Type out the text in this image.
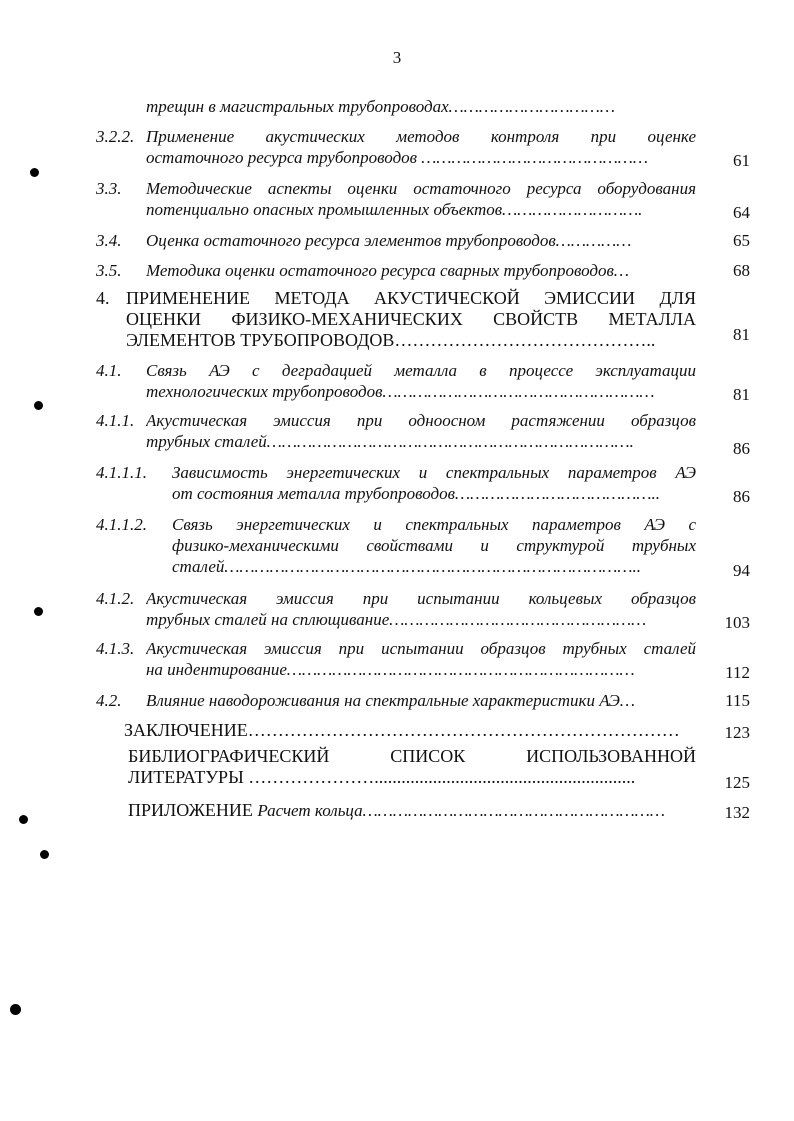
3
трещин в магистральных трубопроводах……………………………
3.2.2. Применение акустических методов контроля при оценке
остаточного ресурса трубопроводов ………………………………………	61
3.3. Методические аспекты оценки остаточного ресурса оборудования
потенциально опасных промышленных объектов……………………….	64
3.4. Оценка остаточного ресурса элементов трубопроводов……………	65
3.5. Методика оценки остаточного ресурса сварных трубопроводов…	68
4. ПРИМЕНЕНИЕ МЕТОДА АКУСТИЧЕСКОЙ ЭМИССИИ ДЛЯ
ОЦЕНКИ ФИЗИКО-МЕХАНИЧЕСКИХ СВОЙСТВ МЕТАЛЛА
ЭЛЕМЕНТОВ ТРУБОПРОВОДОВ……………………………………..	81
4.1. Связь АЭ с деградацией металла в процессе эксплуатации
технологических трубопроводов………………………………………………	81
4.1.1. Акустическая эмиссия при одноосном растяжении образцов
трубных сталей……………………………………………………………….	86
4.1.1.1. Зависимость энергетических и спектральных параметров АЭ
от состояния металла трубопроводов…………………………………..	86
4.1.1.2. Связь энергетических и спектральных параметров АЭ с
физико-механическими свойствами и структурой трубных
сталей………………………………………………………………………..	94
4.1.2. Акустическая эмиссия при испытании кольцевых образцов
трубных сталей на сплющивание……………………………………………	103
4.1.3. Акустическая эмиссия при испытании образцов трубных сталей
на индентирование……………………………………………………………	112
4.2. Влияние наводороживания на спектральные характеристики АЭ…	115
ЗАКЛЮЧЕНИЕ………………………………………………………………	123
БИБЛИОГРАФИЧЕСКИЙ СПИСОК ИСПОЛЬЗОВАННОЙ
ЛИТЕРАТУРЫ …………………..........................................................	125
ПРИЛОЖЕНИЕ Расчет кольца……………………………………………………	132
